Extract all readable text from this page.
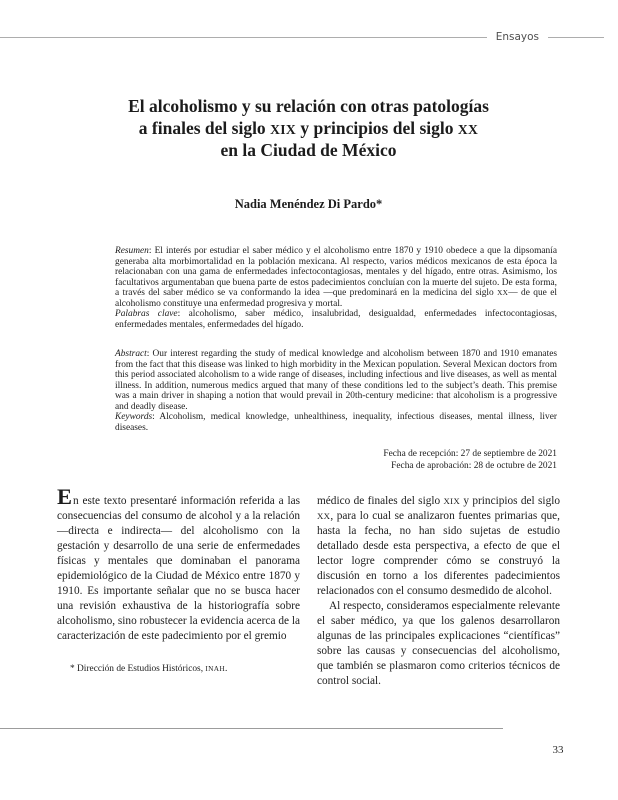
Ensayos
El alcoholismo y su relación con otras patologías
a finales del siglo XIX y principios del siglo XX
en la Ciudad de México
Nadia Menéndez Di Pardo*

Resumen: El interés por estudiar el saber médico y el alcoholismo entre 1870 y 1910 obedece a que la dipsomanía generaba alta morbimortalidad en la población mexicana. Al respecto, varios médicos mexicanos de esta época la relacionaban con una gama de enfermedades infectocontagiosas, mentales y del hígado, entre otras. Asimismo, los facultativos argumentaban que buena parte de estos padecimientos concluían con la muerte del sujeto. De esta forma, a través del saber médico se va conformando la idea —que predominará en la medicina del siglo XX— de que el alcoholismo constituye una enfermedad progresiva y mortal.

Palabras clave: alcoholismo, saber médico, insalubridad, desigualdad, enfermedades infectocontagiosas, enfermedades mentales, enfermedades del hígado.

Abstract: Our interest regarding the study of medical knowledge and alcoholism between 1870 and 1910 emanates from the fact that this disease was linked to high morbidity in the Mexican population. Several Mexican doctors from this period associated alcoholism to a wide range of diseases, including infectious and live diseases, as well as mental illness. In addition, numerous medics argued that many of these conditions led to the subject’s death. This premise was a main driver in shaping a notion that would prevail in 20th-century medicine: that alcoholism is a progressive and deadly disease.

Keywords: Alcoholism, medical knowledge, unhealthiness, inequality, infectious diseases, mental illness, liver diseases.

Fecha de recepción: 27 de septiembre de 2021
Fecha de aprobación: 28 de octubre de 2021

En este texto presentaré información referida a las consecuencias del consumo de alcohol y a la relación —directa e indirecta— del alcoholismo con la gestación y desarrollo de una serie de enfermedades físicas y mentales que dominaban el panorama epidemiológico de la Ciudad de México entre 1870 y 1910. Es importante señalar que no se busca hacer una revisión exhaustiva de la historiografía sobre alcoholismo, sino robustecer la evidencia acerca de la caracterización de este padecimiento por el gremio

* Dirección de Estudios Históricos, INAH.

médico de finales del siglo XIX y principios del siglo XX, para lo cual se analizaron fuentes primarias que, hasta la fecha, no han sido sujetas de estudio detallado desde esta perspectiva, a efecto de que el lector logre comprender cómo se construyó la discusión en torno a los diferentes padecimientos relacionados con el consumo desmedido de alcohol.

Al respecto, consideramos especialmente relevante el saber médico, ya que los galenos desarrollaron algunas de las principales explicaciones “científicas” sobre las causas y consecuencias del alcoholismo, que también se plasmaron como criterios técnicos de control social.

33
